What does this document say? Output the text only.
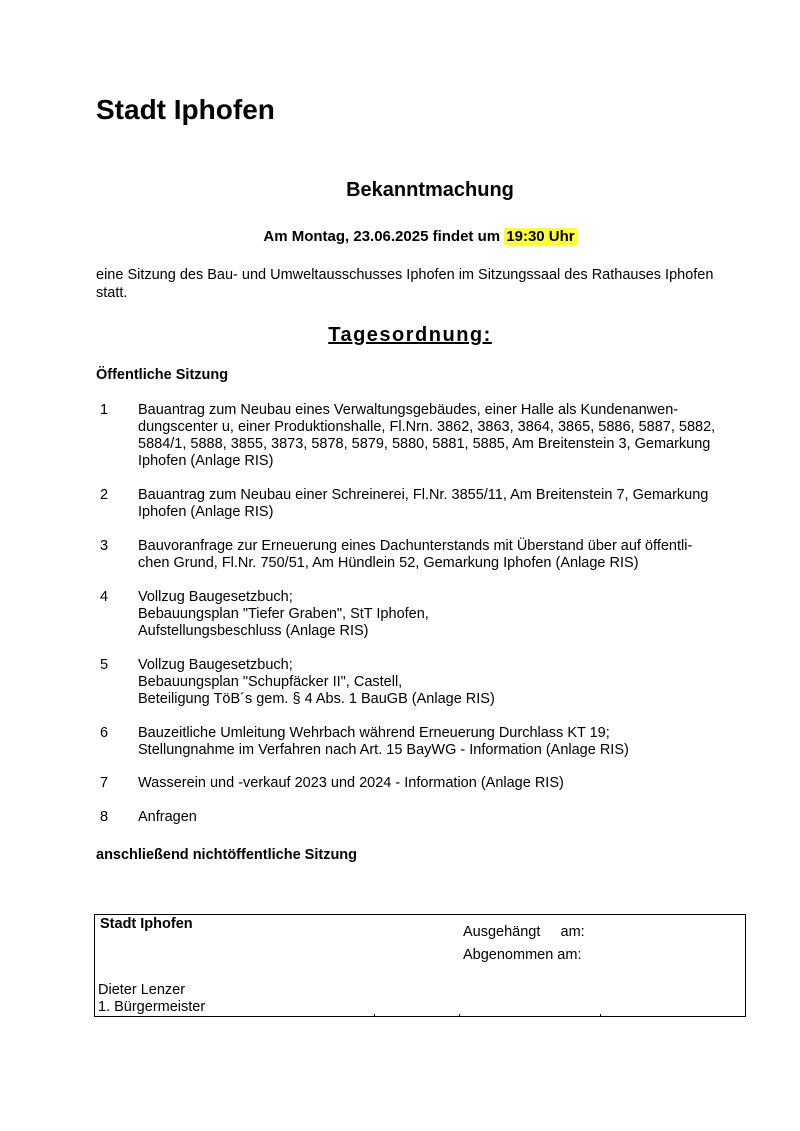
Stadt Iphofen
Bekanntmachung
Am Montag, 23.06.2025 findet um 19:30 Uhr
eine Sitzung des Bau- und Umweltausschusses Iphofen im Sitzungssaal des Rathauses Iphofen statt.
Tagesordnung:
Öffentliche Sitzung
1 Bauantrag zum Neubau eines Verwaltungsgebäudes, einer Halle als Kundenanwen-
dungscenter u, einer Produktionshalle, Fl.Nrn. 3862, 3863, 3864, 3865, 5886, 5887, 5882,
5884/1, 5888, 3855, 3873, 5878, 5879, 5880, 5881, 5885, Am Breitenstein 3, Gemarkung
Iphofen (Anlage RIS)
2 Bauantrag zum Neubau einer Schreinerei, Fl.Nr. 3855/11, Am Breitenstein 7, Gemarkung
Iphofen (Anlage RIS)
3 Bauvoranfrage zur Erneuerung eines Dachunterstands mit Überstand über auf öffentli-
chen Grund, Fl.Nr. 750/51, Am Hündlein 52, Gemarkung Iphofen (Anlage RIS)
4 Vollzug Baugesetzbuch;
Bebauungsplan "Tiefer Graben", StT Iphofen,
Aufstellungsbeschluss (Anlage RIS)
5 Vollzug Baugesetzbuch;
Bebauungsplan "Schupfäcker II", Castell,
Beteiligung TöB´s gem. § 4 Abs. 1 BauGB (Anlage RIS)
6 Bauzeitliche Umleitung Wehrbach während Erneuerung Durchlass KT 19;
Stellungnahme im Verfahren nach Art. 15 BayWG - Information (Anlage RIS)
7 Wasserein und -verkauf 2023 und 2024 - Information (Anlage RIS)
8 Anfragen
anschließend nichtöffentliche Sitzung
Stadt Iphofen	Ausgehängt     am:
Abgenommen am:
Dieter Lenzer
1. Bürgermeister
